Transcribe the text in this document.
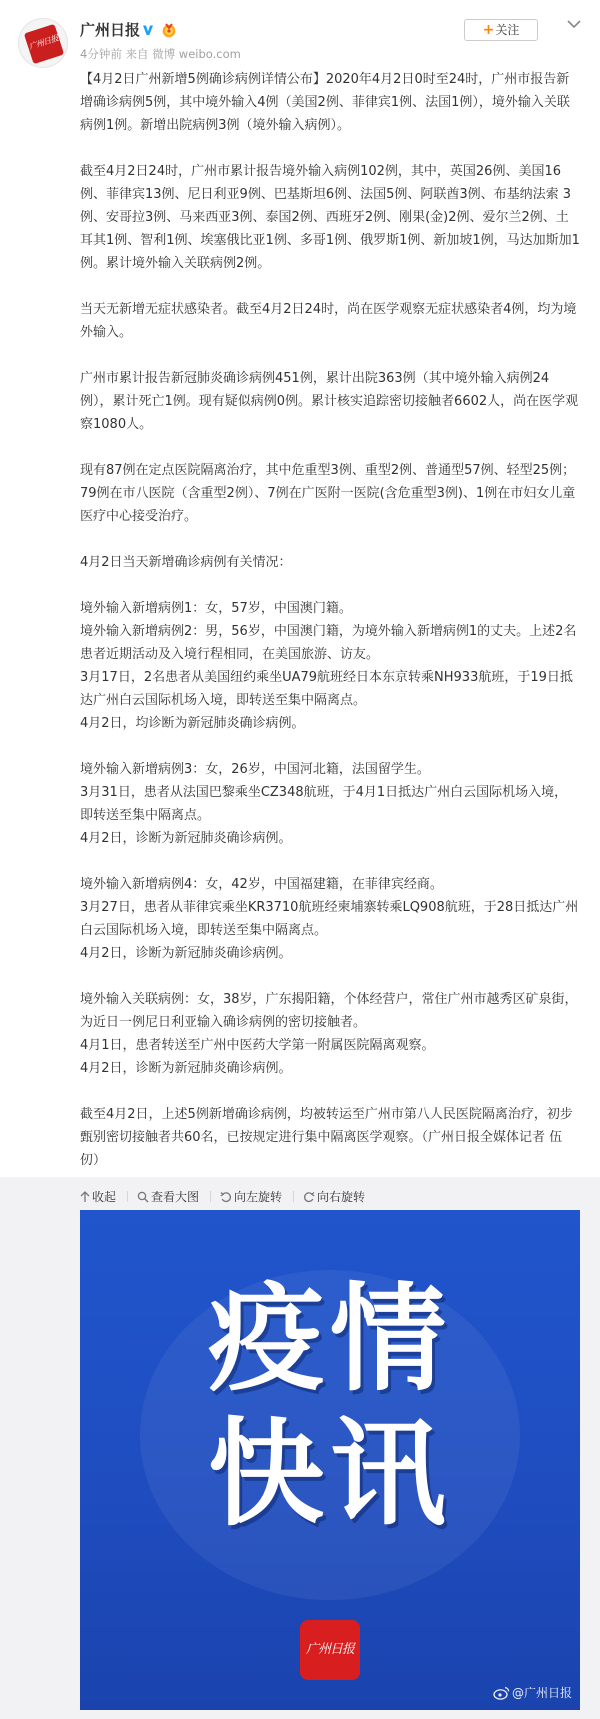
广州日报
广州日报
4分钟前 来自 微博 weibo.com
+关注
【4月2日广州新增5例确诊病例详情公布】2020年4月2日0时至24时，广州市报告新增确诊病例5例，其中境外输入4例（美国2例、菲律宾1例、法国1例），境外输入关联病例1例。新增出院病例3例（境外输入病例）。
截至4月2日24时，广州市累计报告境外输入病例102例，其中，英国26例、美国16例、菲律宾13例、尼日利亚9例、巴基斯坦6例、法国5例、阿联酋3例、布基纳法索 3例、安哥拉3例、马来西亚3例、泰国2例、西班牙2例、刚果(金)2例、爱尔兰2例、土耳其1例、智利1例、埃塞俄比亚1例、多哥1例、俄罗斯1例、新加坡1例，马达加斯加1例。累计境外输入关联病例2例。
当天无新增无症状感染者。截至4月2日24时，尚在医学观察无症状感染者4例，均为境外输入。
广州市累计报告新冠肺炎确诊病例451例，累计出院363例（其中境外输入病例24例），累计死亡1例。现有疑似病例0例。累计核实追踪密切接触者6602人，尚在医学观察1080人。
现有87例在定点医院隔离治疗，其中危重型3例、重型2例、普通型57例、轻型25例；79例在市八医院（含重型2例）、7例在广医附一医院(含危重型3例)、1例在市妇女儿童医疗中心接受治疗。
4月2日当天新增确诊病例有关情况：
境外输入新增病例1：女，57岁，中国澳门籍。
境外输入新增病例2：男，56岁，中国澳门籍，为境外输入新增病例1的丈夫。上述2名患者近期活动及入境行程相同，在美国旅游、访友。
3月17日，2名患者从美国纽约乘坐UA79航班经日本东京转乘NH933航班，于19日抵达广州白云国际机场入境，即转送至集中隔离点。
4月2日，均诊断为新冠肺炎确诊病例。
境外输入新增病例3：女，26岁，中国河北籍，法国留学生。
3月31日，患者从法国巴黎乘坐CZ348航班，于4月1日抵达广州白云国际机场入境，即转送至集中隔离点。
4月2日，诊断为新冠肺炎确诊病例。
境外输入新增病例4：女，42岁，中国福建籍，在菲律宾经商。
3月27日，患者从菲律宾乘坐KR3710航班经柬埔寨转乘LQ908航班，于28日抵达广州白云国际机场入境，即转送至集中隔离点。
4月2日，诊断为新冠肺炎确诊病例。
境外输入关联病例：女，38岁，广东揭阳籍，个体经营户，常住广州市越秀区矿泉街，为近日一例尼日利亚输入确诊病例的密切接触者。
4月1日，患者转送至广州中医药大学第一附属医院隔离观察。
4月2日，诊断为新冠肺炎确诊病例。
截至4月2日，上述5例新增确诊病例，均被转运至广州市第八人民医院隔离治疗，初步甄别密切接触者共60名，已按规定进行集中隔离医学观察。（广州日报全媒体记者 伍仞）
收起	查看大图	向左旋转	向右旋转
疫情
快讯
广州日报
@广州日报
